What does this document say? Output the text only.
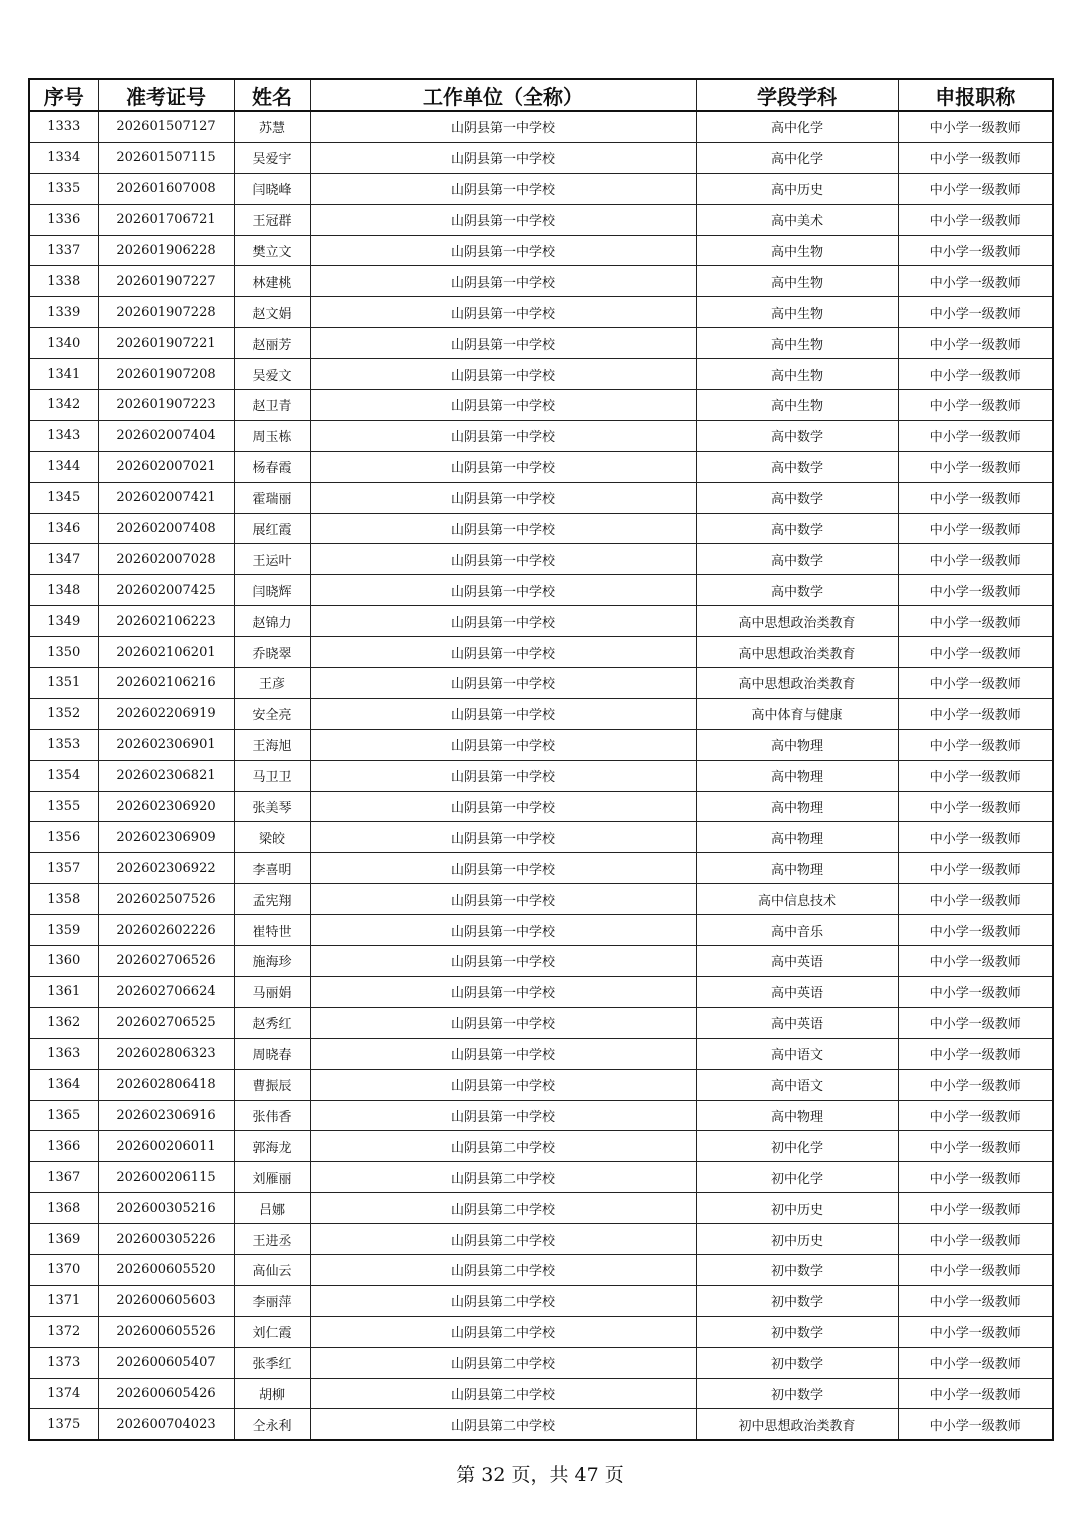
序号	准考证号	姓名	工作单位（全称）	学段学科	申报职称
1333	202601507127	苏慧	山阴县第一中学校	高中化学	中小学一级教师
1334	202601507115	吴爱宇	山阴县第一中学校	高中化学	中小学一级教师
1335	202601607008	闫晓峰	山阴县第一中学校	高中历史	中小学一级教师
1336	202601706721	王冠群	山阴县第一中学校	高中美术	中小学一级教师
1337	202601906228	樊立文	山阴县第一中学校	高中生物	中小学一级教师
1338	202601907227	林建桃	山阴县第一中学校	高中生物	中小学一级教师
1339	202601907228	赵文娟	山阴县第一中学校	高中生物	中小学一级教师
1340	202601907221	赵丽芳	山阴县第一中学校	高中生物	中小学一级教师
1341	202601907208	吴爱文	山阴县第一中学校	高中生物	中小学一级教师
1342	202601907223	赵卫青	山阴县第一中学校	高中生物	中小学一级教师
1343	202602007404	周玉栋	山阴县第一中学校	高中数学	中小学一级教师
1344	202602007021	杨春霞	山阴县第一中学校	高中数学	中小学一级教师
1345	202602007421	霍瑞丽	山阴县第一中学校	高中数学	中小学一级教师
1346	202602007408	展红霞	山阴县第一中学校	高中数学	中小学一级教师
1347	202602007028	王运叶	山阴县第一中学校	高中数学	中小学一级教师
1348	202602007425	闫晓辉	山阴县第一中学校	高中数学	中小学一级教师
1349	202602106223	赵锦力	山阴县第一中学校	高中思想政治类教育	中小学一级教师
1350	202602106201	乔晓翠	山阴县第一中学校	高中思想政治类教育	中小学一级教师
1351	202602106216	王彦	山阴县第一中学校	高中思想政治类教育	中小学一级教师
1352	202602206919	安全亮	山阴县第一中学校	高中体育与健康	中小学一级教师
1353	202602306901	王海旭	山阴县第一中学校	高中物理	中小学一级教师
1354	202602306821	马卫卫	山阴县第一中学校	高中物理	中小学一级教师
1355	202602306920	张美琴	山阴县第一中学校	高中物理	中小学一级教师
1356	202602306909	梁皎	山阴县第一中学校	高中物理	中小学一级教师
1357	202602306922	李喜明	山阴县第一中学校	高中物理	中小学一级教师
1358	202602507526	孟宪翔	山阴县第一中学校	高中信息技术	中小学一级教师
1359	202602602226	崔特世	山阴县第一中学校	高中音乐	中小学一级教师
1360	202602706526	施海珍	山阴县第一中学校	高中英语	中小学一级教师
1361	202602706624	马丽娟	山阴县第一中学校	高中英语	中小学一级教师
1362	202602706525	赵秀红	山阴县第一中学校	高中英语	中小学一级教师
1363	202602806323	周晓春	山阴县第一中学校	高中语文	中小学一级教师
1364	202602806418	曹振辰	山阴县第一中学校	高中语文	中小学一级教师
1365	202602306916	张伟香	山阴县第一中学校	高中物理	中小学一级教师
1366	202600206011	郭海龙	山阴县第二中学校	初中化学	中小学一级教师
1367	202600206115	刘雁丽	山阴县第二中学校	初中化学	中小学一级教师
1368	202600305216	吕娜	山阴县第二中学校	初中历史	中小学一级教师
1369	202600305226	王进丞	山阴县第二中学校	初中历史	中小学一级教师
1370	202600605520	高仙云	山阴县第二中学校	初中数学	中小学一级教师
1371	202600605603	李丽萍	山阴县第二中学校	初中数学	中小学一级教师
1372	202600605526	刘仁霞	山阴县第二中学校	初中数学	中小学一级教师
1373	202600605407	张季红	山阴县第二中学校	初中数学	中小学一级教师
1374	202600605426	胡柳	山阴县第二中学校	初中数学	中小学一级教师
1375	202600704023	仝永利	山阴县第二中学校	初中思想政治类教育	中小学一级教师
第 32 页，共 47 页
